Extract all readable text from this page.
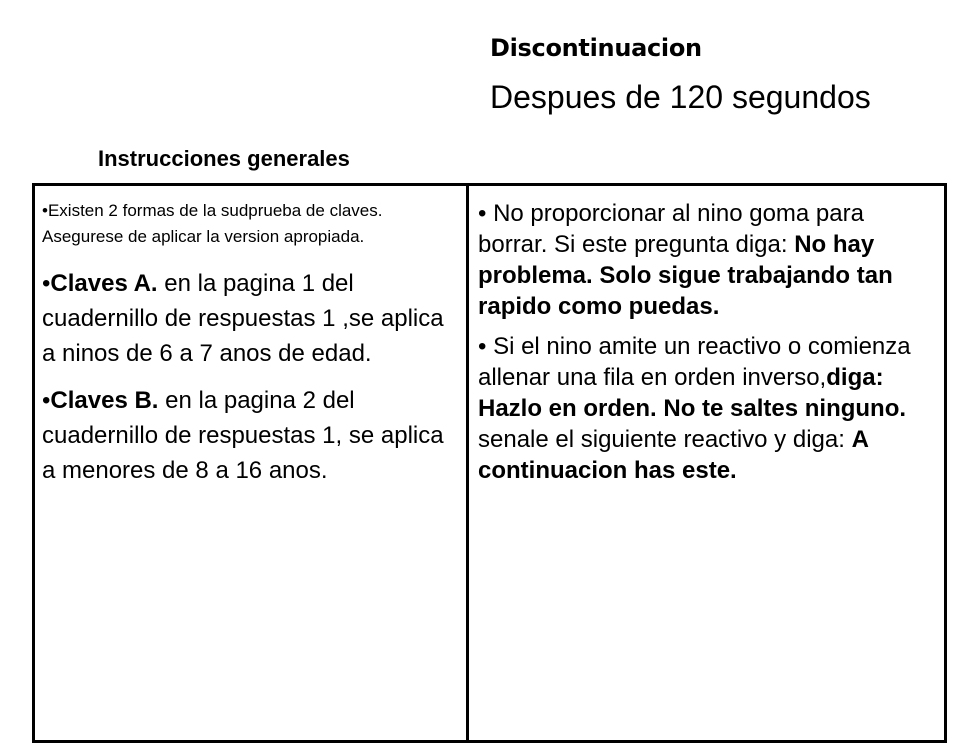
Discontinuacion
Despues de 120 segundos
Instrucciones generales

•Existen 2 formas de la sudprueba de claves. Asegurese de aplicar la version apropiada.

•Claves A. en la pagina 1 del cuadernillo de respuestas 1 ,se aplica a ninos de 6 a 7 anos de edad.

•Claves B. en la pagina 2 del cuadernillo de respuestas 1, se aplica a menores de 8 a 16 anos.

• No proporcionar al nino goma para borrar. Si este pregunta diga: No hay problema. Solo sigue trabajando tan rapido como puedas.

• Si el nino amite un reactivo o comienza allenar una fila en orden inverso,diga: Hazlo en orden. No te saltes ninguno. senale el siguiente reactivo y diga: A continuacion has este.
